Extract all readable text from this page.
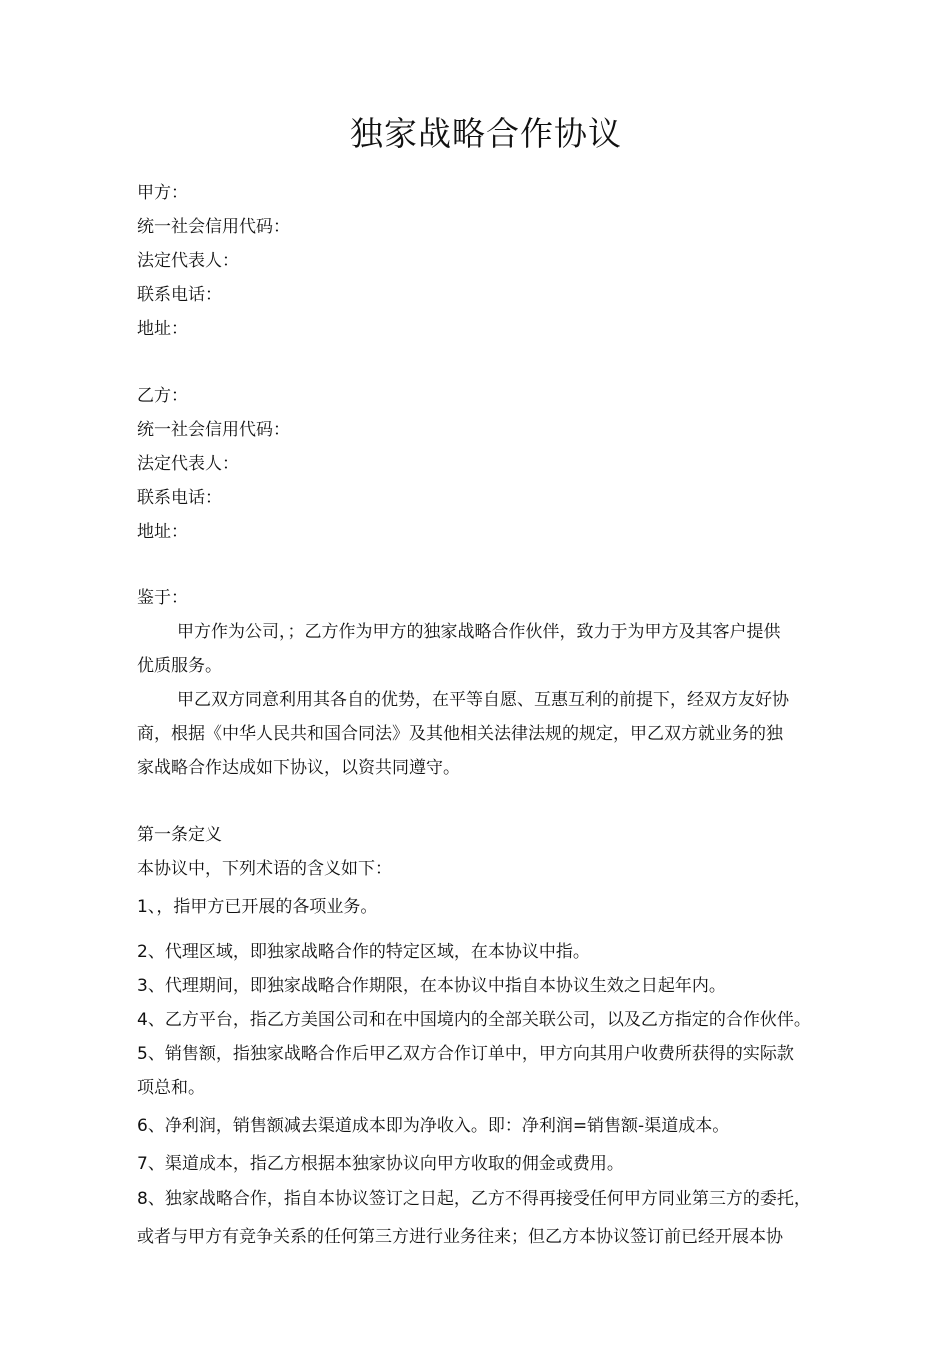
独家战略合作协议
甲方：
统一社会信用代码：
法定代表人：
联系电话：
地址：
乙方：
统一社会信用代码：
法定代表人：
联系电话：
地址：
鉴于：
甲方作为公司，；乙方作为甲方的独家战略合作伙伴，致力于为甲方及其客户提供
优质服务。
甲乙双方同意利用其各自的优势，在平等自愿、互惠互利的前提下，经双方友好协
商，根据《中华人民共和国合同法》及其他相关法律法规的规定，甲乙双方就业务的独
家战略合作达成如下协议，以资共同遵守。
第一条定义
本协议中，下列术语的含义如下：
1、，指甲方已开展的各项业务。
2、代理区域，即独家战略合作的特定区域，在本协议中指。
3、代理期间，即独家战略合作期限，在本协议中指自本协议生效之日起年内。
4、乙方平台，指乙方美国公司和在中国境内的全部关联公司，以及乙方指定的合作伙伴。
5、销售额，指独家战略合作后甲乙双方合作订单中，甲方向其用户收费所获得的实际款
项总和。
6、净利润，销售额减去渠道成本即为净收入。即：净利润=销售额-渠道成本。
7、渠道成本，指乙方根据本独家协议向甲方收取的佣金或费用。
8、独家战略合作，指自本协议签订之日起，乙方不得再接受任何甲方同业第三方的委托，
或者与甲方有竞争关系的任何第三方进行业务往来；但乙方本协议签订前已经开展本协
